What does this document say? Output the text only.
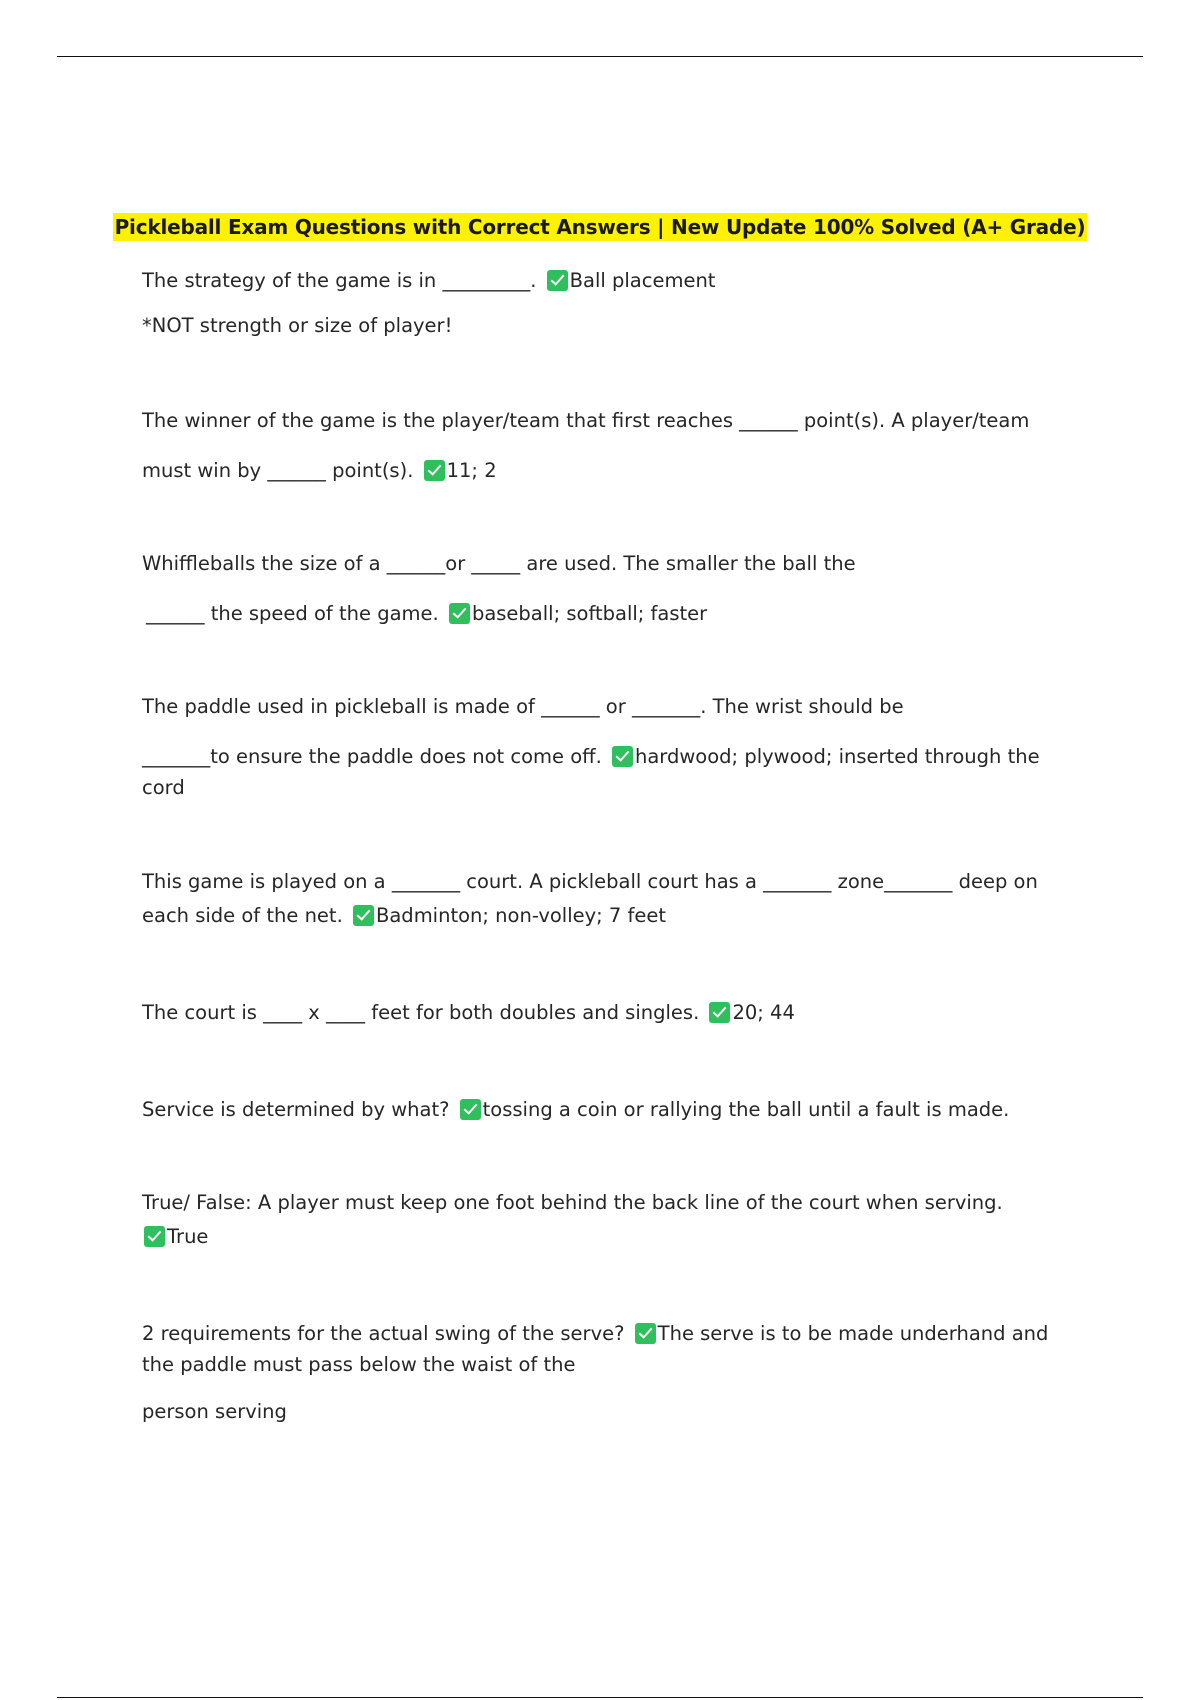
Pickleball Exam Questions with Correct Answers | New Update 100% Solved (A+ Grade)
The strategy of the game is in _________. Ball placement
*NOT strength or size of player!
The winner of the game is the player/team that first reaches ______ point(s). A player/team
must win by ______ point(s). 11; 2
Whiffleballs the size of a ______or _____ are used. The smaller the ball the
______ the speed of the game. baseball; softball; faster
The paddle used in pickleball is made of ______ or _______. The wrist should be
_______to ensure the paddle does not come off. hardwood; plywood; inserted through the
cord
This game is played on a _______ court. A pickleball court has a _______ zone_______ deep on
each side of the net. Badminton; non-volley; 7 feet
The court is ____ x ____ feet for both doubles and singles. 20; 44
Service is determined by what? tossing a coin or rallying the ball until a fault is made.
True/ False: A player must keep one foot behind the back line of the court when serving.
True
2 requirements for the actual swing of the serve? The serve is to be made underhand and
the paddle must pass below the waist of the
person serving
